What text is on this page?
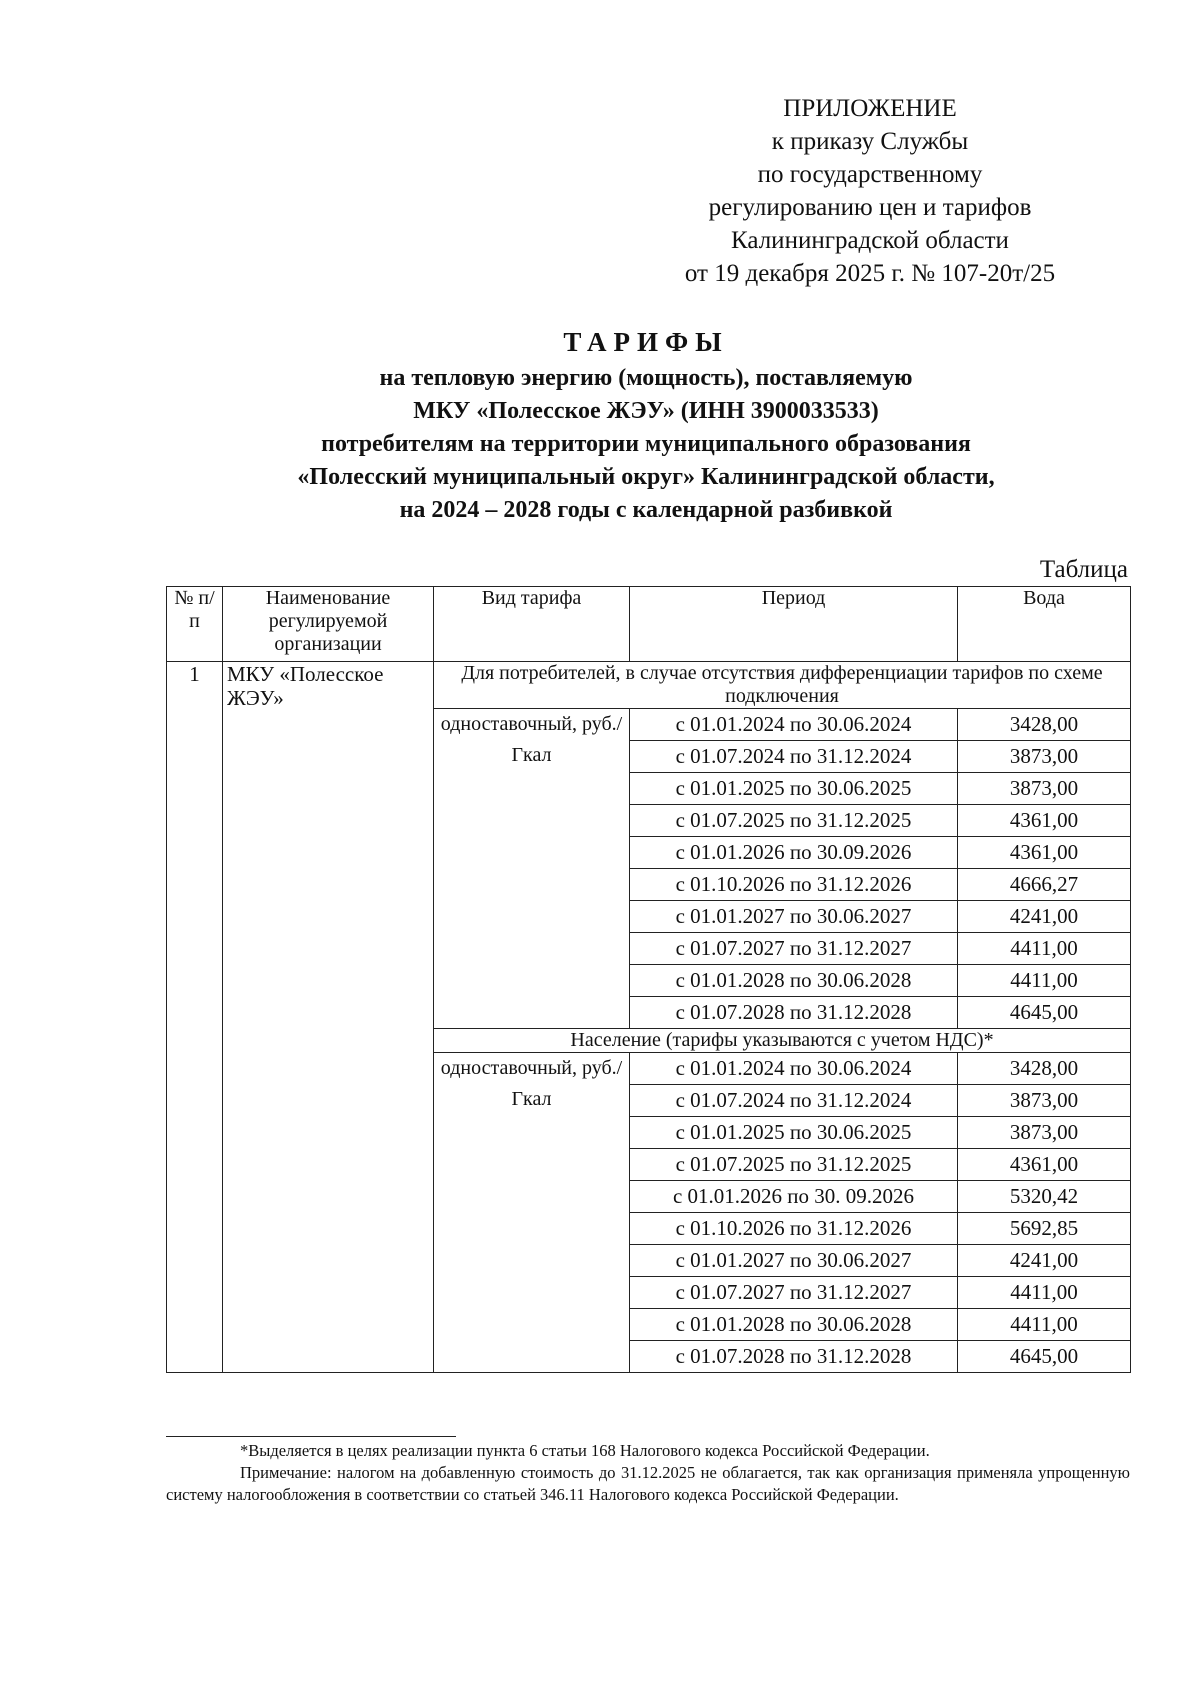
ПРИЛОЖЕНИЕ
к приказу Службы
по государственному
регулированию цен и тарифов
Калининградской области
от 19 декабря 2025 г. № 107-20т/25
ТАРИФЫ
на тепловую энергию (мощность), поставляемую
МКУ «Полесское ЖЭУ» (ИНН 3900033533)
потребителям на территории муниципального образования
«Полесский муниципальный округ» Калининградской области,
на 2024 – 2028 годы с календарной разбивкой
Таблица
№ п/п	Наименование регулируемой организации	Вид тарифа	Период	Вода
1	МКУ «Полесское ЖЭУ»	Для потребителей, в случае отсутствия дифференциации тарифов по схеме подключения		
		одноставочный, руб./Гкал	с 01.01.2024 по 30.06.2024	3428,00
			с 01.07.2024 по 31.12.2024	3873,00
			с 01.01.2025 по 30.06.2025	3873,00
			с 01.07.2025 по 31.12.2025	4361,00
			с 01.01.2026 по 30.09.2026	4361,00
			с 01.10.2026 по 31.12.2026	4666,27
			с 01.01.2027 по 30.06.2027	4241,00
			с 01.07.2027 по 31.12.2027	4411,00
			с 01.01.2028 по 30.06.2028	4411,00
			с 01.07.2028 по 31.12.2028	4645,00
		Население (тарифы указываются с учетом НДС)*		
		одноставочный, руб./Гкал	с 01.01.2024 по 30.06.2024	3428,00
			с 01.07.2024 по 31.12.2024	3873,00
			с 01.01.2025 по 30.06.2025	3873,00
			с 01.07.2025 по 31.12.2025	4361,00
			с 01.01.2026 по 30. 09.2026	5320,42
			с 01.10.2026 по 31.12.2026	5692,85
			с 01.01.2027 по 30.06.2027	4241,00
			с 01.07.2027 по 31.12.2027	4411,00
			с 01.01.2028 по 30.06.2028	4411,00
			с 01.07.2028 по 31.12.2028	4645,00

*Выделяется в целях реализации пункта 6 статьи 168 Налогового кодекса Российской Федерации.

Примечание: налогом на добавленную стоимость до 31.12.2025 не облагается, так как организация применяла упрощенную систему налогообложения в соответствии со статьей 346.11 Налогового кодекса Российской Федерации.
